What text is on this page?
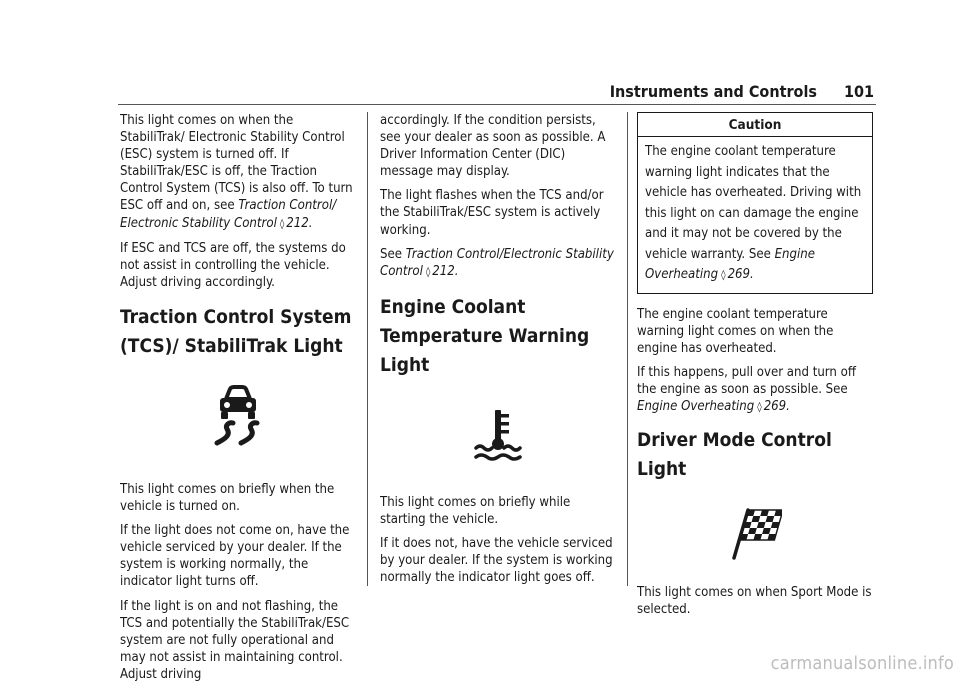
Instruments and Controls 101

This light comes on when the StabiliTrak/ Electronic Stability Control (ESC) system is turned off. If StabiliTrak/ESC is off, the Traction Control System (TCS) is also off. To turn ESC off and on, see Traction Control/ Electronic Stability Control ◊ 212.

If ESC and TCS are off, the systems do not assist in controlling the vehicle. Adjust driving accordingly.

Traction Control System (TCS)/ StabiliTrak Light

This light comes on briefly when the vehicle is turned on.

If the light does not come on, have the vehicle serviced by your dealer. If the system is working normally, the indicator light turns off.

If the light is on and not flashing, the TCS and potentially the StabiliTrak/ESC system are not fully operational and may not assist in maintaining control. Adjust driving

accordingly. If the condition persists, see your dealer as soon as possible. A Driver Information Center (DIC) message may display.

The light flashes when the TCS and/or the StabiliTrak/ESC system is actively working.

See Traction Control/Electronic Stability Control ◊ 212.

Engine Coolant Temperature Warning Light

This light comes on briefly while starting the vehicle.

If it does not, have the vehicle serviced by your dealer. If the system is working normally the indicator light goes off.

Caution

The engine coolant temperature warning light indicates that the vehicle has overheated. Driving with this light on can damage the engine and it may not be covered by the vehicle warranty. See Engine Overheating ◊ 269.

The engine coolant temperature warning light comes on when the engine has overheated.

If this happens, pull over and turn off the engine as soon as possible. See Engine Overheating ◊ 269.

Driver Mode Control Light

This light comes on when Sport Mode is selected.

carmanualsonline.info
